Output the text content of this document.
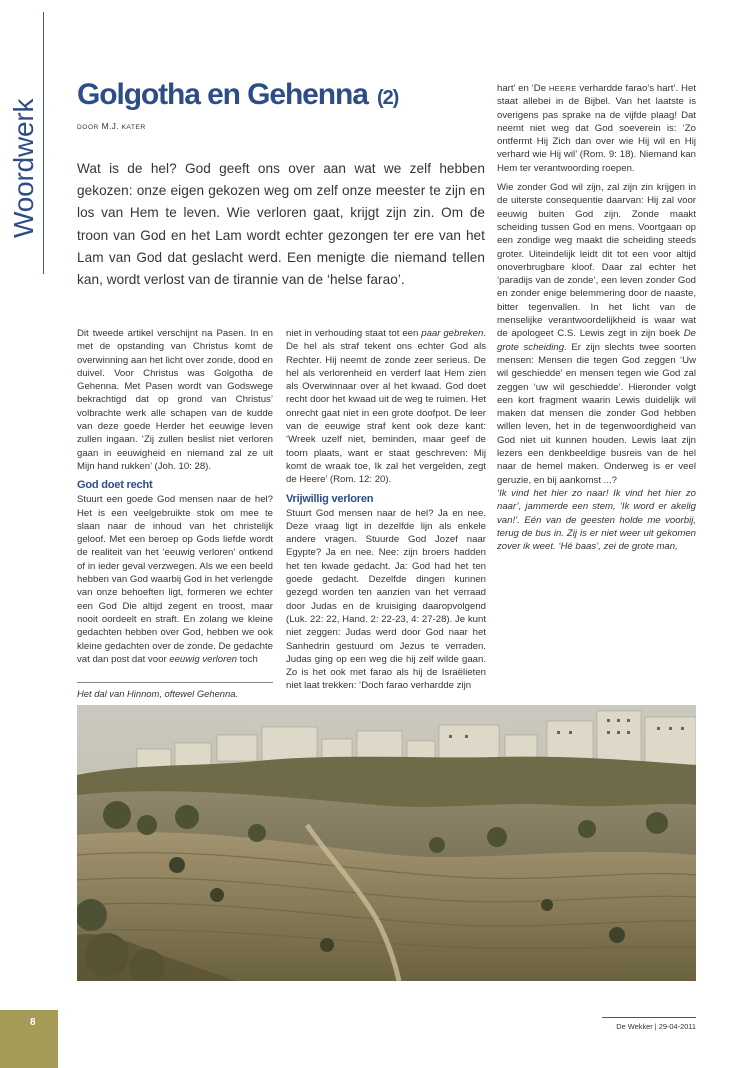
Woordwerk
Golgotha en Gehenna (2)
DOOR M.J. KATER

Wat is de hel? God geeft ons over aan wat we zelf hebben gekozen: onze eigen gekozen weg om zelf onze meester te zijn en los van Hem te leven. Wie verloren gaat, krijgt zijn zin. Om de troon van God en het Lam wordt echter gezongen ter ere van het Lam van God dat geslacht werd. Een menigte die niemand tellen kan, wordt verlost van de tirannie van de ‘helse farao’.

Dit tweede artikel verschijnt na Pasen. In en met de opstanding van Christus komt de overwinning aan het licht over zonde, dood en duivel. Voor Christus was Golgotha de Gehenna. Met Pasen wordt van Godswege bekrachtigd dat op grond van Christus’ volbrachte werk alle schapen van de kudde van deze goede Herder het eeuwige leven zullen ingaan. ‘Zij zullen beslist niet verloren gaan in eeuwigheid en niemand zal ze uit Mijn hand rukken’ (Joh. 10: 28).

God doet recht

Stuurt een goede God mensen naar de hel? Het is een veelgebruikte stok om mee te slaan naar de inhoud van het christelijk geloof. Met een beroep op Gods liefde wordt de realiteit van het ‘eeuwig verloren’ ontkend of in ieder geval verzwegen. Als we een beeld hebben van God waarbij God in het verlengde van onze behoeften ligt, formeren we echter een God Die altijd zegent en troost, maar nooit oordeelt en straft. En zolang we kleine gedachten hebben over God, hebben we ook kleine gedachten over de zonde. De gedachte vat dan post dat voor eeuwig verloren toch

niet in verhouding staat tot een paar gebreken. De hel als straf tekent ons echter God als Rechter. Hij neemt de zonde zeer serieus. De hel als verlorenheid en verderf laat Hem zien als Overwinnaar over al het kwaad. God doet recht door het kwaad uit de weg te ruimen. Het onrecht gaat niet in een grote doofpot. De leer van de eeuwige straf kent ook deze kant: ‘Wreek uzelf niet, beminden, maar geef de toorn plaats, want er staat geschreven: Mij komt de wraak toe, Ik zal het vergelden, zegt de Heere’ (Rom. 12: 20).

Vrijwillig verloren

Stuurt God mensen naar de hel? Ja en nee. Deze vraag ligt in dezelfde lijn als enkele andere vragen. Stuurde God Jozef naar Egypte? Ja en nee. Nee: zijn broers hadden het ten kwade gedacht. Ja: God had het ten goede gedacht. Dezelfde dingen kunnen gezegd worden ten aanzien van het verraad door Judas en de kruisiging daaropvolgend (Luk. 22: 22, Hand. 2: 22-23, 4: 27-28). Je kunt niet zeggen: Judas werd door God naar het Sanhedrin gestuurd om Jezus te verraden. Judas ging op een weg die hij zelf wilde gaan. Zo is het ook met farao als hij de Israëlieten niet laat trekken: ‘Doch farao verhardde zijn

hart’ en ‘De HEERE verhardde farao’s hart’. Het staat allebei in de Bijbel. Van het laatste is overigens pas sprake na de vijfde plaag! Dat neemt niet weg dat God soeverein is: ‘Zo ontfermt Hij Zich dan over wie Hij wil en Hij verhard wie Hij wil’ (Rom. 9: 18). Niemand kan Hem ter verantwoording roepen.

Wie zonder God wil zijn, zal zijn zin krijgen in de uiterste consequentie daarvan: Hij zal voor eeuwig buiten God zijn. Zonde maakt scheiding tussen God en mens. Voortgaan op een zondige weg maakt die scheiding steeds groter. Uiteindelijk leidt dit tot een voor altijd onoverbrugbare kloof. Daar zal echter het ‘paradijs van de zonde’, een leven zonder God en zonder enige belemmering door de naaste, bitter tegenvallen. In het licht van de menselijke verantwoordelijkheid is waar wat de apologeet C.S. Lewis zegt in zijn boek De grote scheiding. Er zijn slechts twee soorten mensen: Mensen die tegen God zeggen ‘Uw wil geschiedde’ en mensen tegen wie God zal zeggen ‘uw wil geschiedde’. Hieronder volgt een kort fragment waarin Lewis duidelijk wil maken dat mensen die zonder God hebben willen leven, het in de tegenwoordigheid van God niet uit kunnen houden. Lewis laat zijn lezers een denkbeeldige busreis van de hel naar de hemel maken. Onderweg is er veel geruzie, en bij aankomst ...?

‘Ik vind het hier zo naar! Ik vind het hier zo naar’, jammerde een stem, ‘Ik word er akelig van!’. Eén van de geesten holde me voorbij, terug de bus in. Zij is er niet weer uit gekomen zover ik weet. ‘Hé baas’, zei de grote man,

Het dal van Hinnom, oftewel Gehenna.
8	De Wekker | 29-04-2011
